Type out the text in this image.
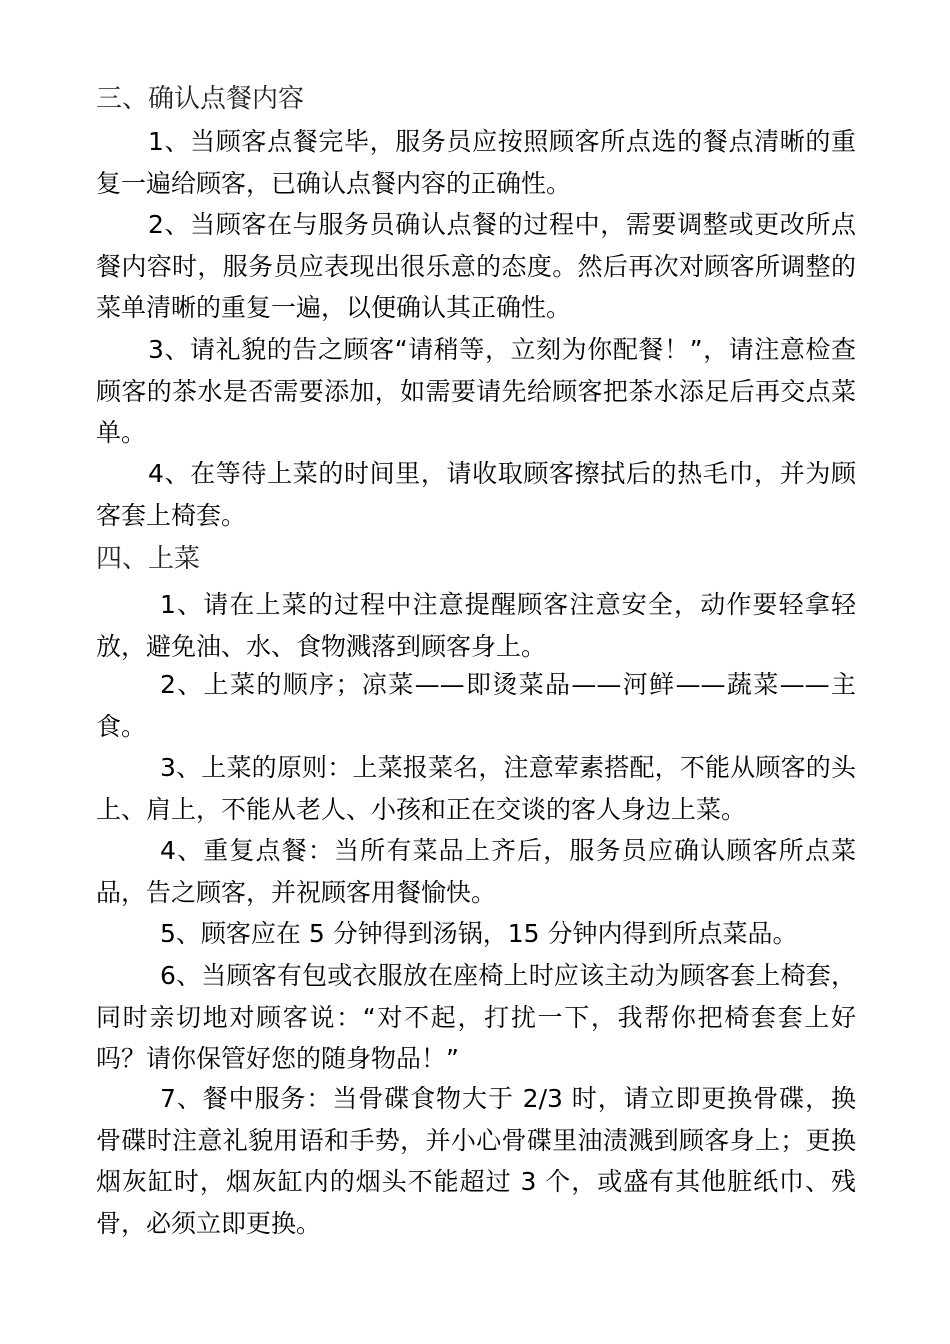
三、确认点餐内容
1、当顾客点餐完毕，服务员应按照顾客所点选的餐点清晰的重复一遍给顾客，已确认点餐内容的正确性。
2、当顾客在与服务员确认点餐的过程中，需要调整或更改所点餐内容时，服务员应表现出很乐意的态度。然后再次对顾客所调整的菜单清晰的重复一遍，以便确认其正确性。
3、请礼貌的告之顾客“请稍等，立刻为你配餐！”，请注意检查顾客的茶水是否需要添加，如需要请先给顾客把茶水添足后再交点菜单。
4、在等待上菜的时间里，请收取顾客擦拭后的热毛巾，并为顾客套上椅套。
四、上菜
1、请在上菜的过程中注意提醒顾客注意安全，动作要轻拿轻放，避免油、水、食物溅落到顾客身上。
2、上菜的顺序；凉菜——即烫菜品——河鲜——蔬菜——主食。
3、上菜的原则：上菜报菜名，注意荤素搭配，不能从顾客的头上、肩上，不能从老人、小孩和正在交谈的客人身边上菜。
4、重复点餐：当所有菜品上齐后，服务员应确认顾客所点菜品，告之顾客，并祝顾客用餐愉快。
5、顾客应在 5 分钟得到汤锅，15 分钟内得到所点菜品。
6、当顾客有包或衣服放在座椅上时应该主动为顾客套上椅套，同时亲切地对顾客说：“对不起，打扰一下，我帮你把椅套套上好吗？请你保管好您的随身物品！”
7、餐中服务：当骨碟食物大于 2/3 时，请立即更换骨碟，换骨碟时注意礼貌用语和手势，并小心骨碟里油渍溅到顾客身上；更换烟灰缸时，烟灰缸内的烟头不能超过 3 个，或盛有其他脏纸巾、残骨，必须立即更换。
